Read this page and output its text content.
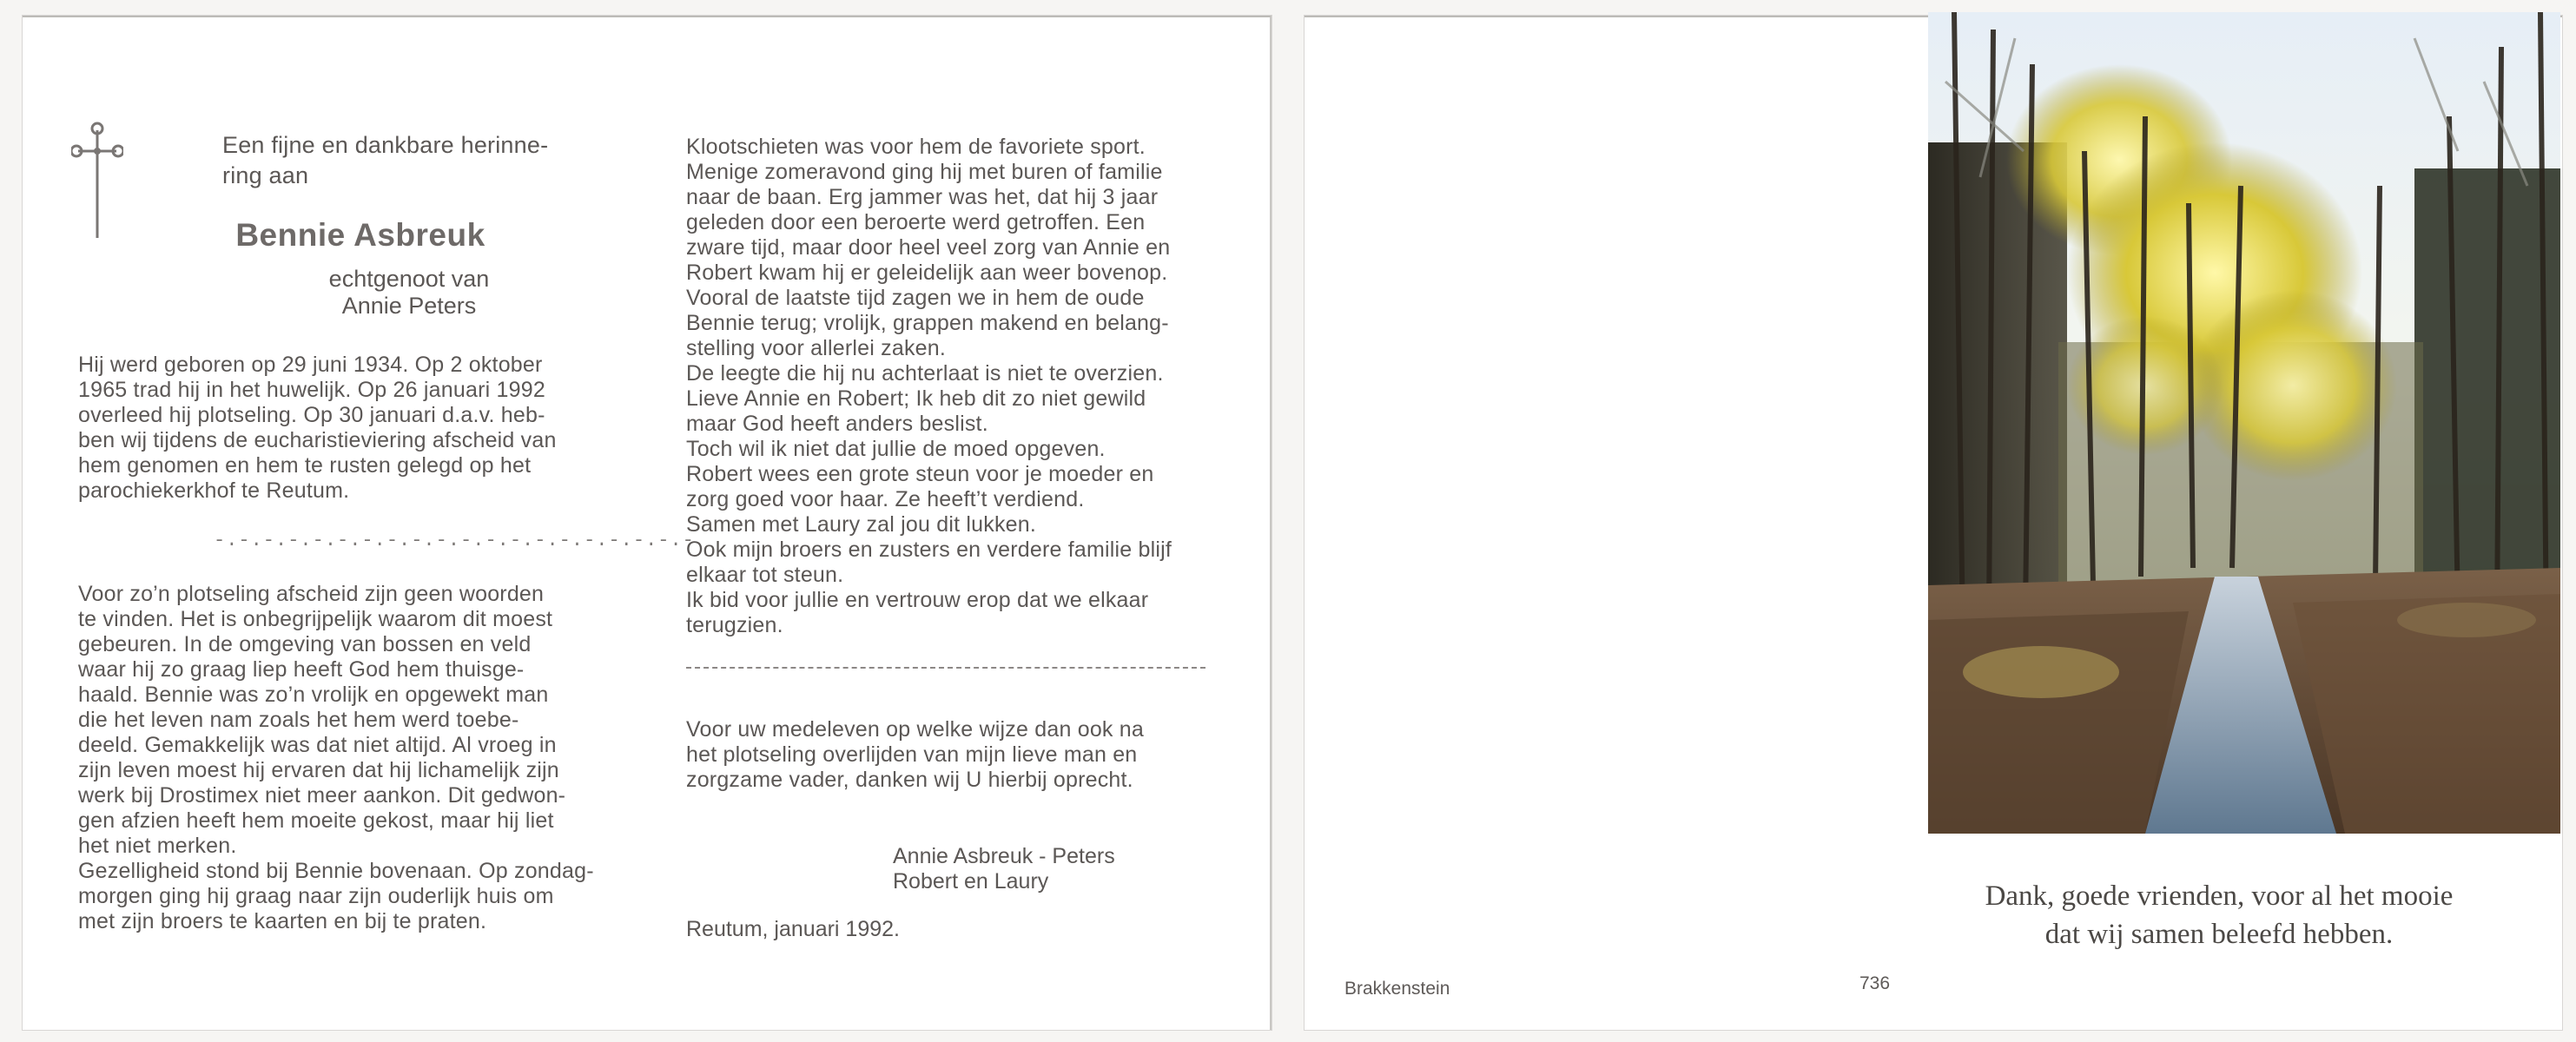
Een fijne en dankbare herinne-

ring aan

Bennie Asbreuk
echtgenoot van
Annie Peters

Hij werd geboren op 29 juni 1934. Op 2 oktober

1965 trad hij in het huwelijk. Op 26 januari 1992

overleed hij plotseling. Op 30 januari d.a.v. heb-

ben wij tijdens de eucharistieviering afscheid van

hem genomen en hem te rusten gelegd op het

parochiekerkhof te Reutum.

-.-.-.-.-.-.-.-.-.-.-.-.-.-.-.-.-.-.-.-

Voor zo’n plotseling afscheid zijn geen woorden

te vinden. Het is onbegrijpelijk waarom dit moest

gebeuren. In de omgeving van bossen en veld

waar hij zo graag liep heeft God hem thuisge-

haald. Bennie was zo’n vrolijk en opgewekt man

die het leven nam zoals het hem werd toebe-

deeld. Gemakkelijk was dat niet altijd. Al vroeg in

zijn leven moest hij ervaren dat hij lichamelijk zijn

werk bij Drostimex niet meer aankon. Dit gedwon-

gen afzien heeft hem moeite gekost, maar hij liet

het niet merken.

Gezelligheid stond bij Bennie bovenaan. Op zondag-

morgen ging hij graag naar zijn ouderlijk huis om

met zijn broers te kaarten en bij te praten.

Klootschieten was voor hem de favoriete sport.

Menige zomeravond ging hij met buren of familie

naar de baan. Erg jammer was het, dat hij 3 jaar

geleden door een beroerte werd getroffen. Een

zware tijd, maar door heel veel zorg van Annie en

Robert kwam hij er geleidelijk aan weer bovenop.

Vooral de laatste tijd zagen we in hem de oude

Bennie terug; vrolijk, grappen makend en belang-

stelling voor allerlei zaken.

De leegte die hij nu achterlaat is niet te overzien.

Lieve Annie en Robert; Ik heb dit zo niet gewild

maar God heeft anders beslist.

Toch wil ik niet dat jullie de moed opgeven.

Robert wees een grote steun voor je moeder en

zorg goed voor haar. Ze heeft’t verdiend.

Samen met Laury zal jou dit lukken.

Ook mijn broers en zusters en verdere familie blijf

elkaar tot steun.

Ik bid voor jullie en vertrouw erop dat we elkaar

terugzien.

Voor uw medeleven op welke wijze dan ook na

het plotseling overlijden van mijn lieve man en

zorgzame vader, danken wij U hierbij oprecht.

Annie Asbreuk - Peters
Robert en Laury
Reutum, januari 1992.
Dank, goede vrienden, voor al het mooie
dat wij samen beleefd hebben.
Brakkenstein	736
